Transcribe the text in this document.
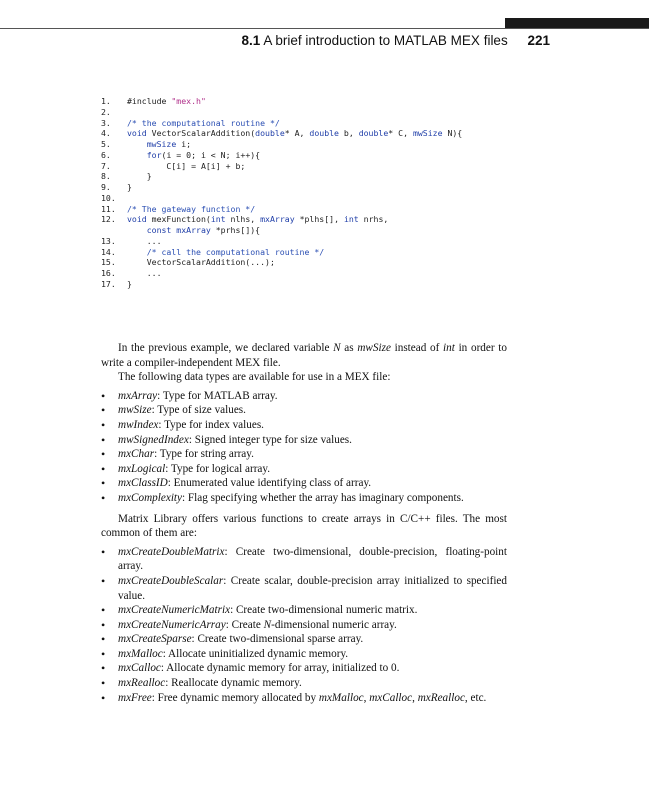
8.1 A brief introduction to MATLAB MEX files 221
1. #include "mex.h"
2.
3. /* the computational routine */
4. void VectorScalarAddition(double* A, double b, double* C, mwSize N){
5.	mwSize i;
6.	for(i = 0; i < N; i++){
7.        C[i] = A[i] + b;
8.    }
9. }
10.
11. /* The gateway function */
12. void mexFunction(int nlhs, mxArray *plhs[], int nrhs,
const mxArray *prhs[]){
13.    ...
14.	/* call the computational routine */
15.    VectorScalarAddition(...);
16.    ...
17. }

In the previous example, we declared variable N as mwSize instead of int in order to write a compiler-independent MEX file.

The following data types are available for use in a MEX file:

• mxArray: Type for MATLAB array.
• mwSize: Type of size values.
• mwIndex: Type for index values.
• mwSignedIndex: Signed integer type for size values.
• mxChar: Type for string array.
• mxLogical: Type for logical array.
• mxClassID: Enumerated value identifying class of array.
• mxComplexity: Flag specifying whether the array has imaginary components.

Matrix Library offers various functions to create arrays in C/C++ files. The most common of them are:

• mxCreateDoubleMatrix: Create two-dimensional, double-precision, floating-point array.
• mxCreateDoubleScalar: Create scalar, double-precision array initialized to specified value.
• mxCreateNumericMatrix: Create two-dimensional numeric matrix.
• mxCreateNumericArray: Create N-dimensional numeric array.
• mxCreateSparse: Create two-dimensional sparse array.
• mxMalloc: Allocate uninitialized dynamic memory.
• mxCalloc: Allocate dynamic memory for array, initialized to 0.
• mxRealloc: Reallocate dynamic memory.
• mxFree: Free dynamic memory allocated by mxMalloc, mxCalloc, mxRealloc, etc.
